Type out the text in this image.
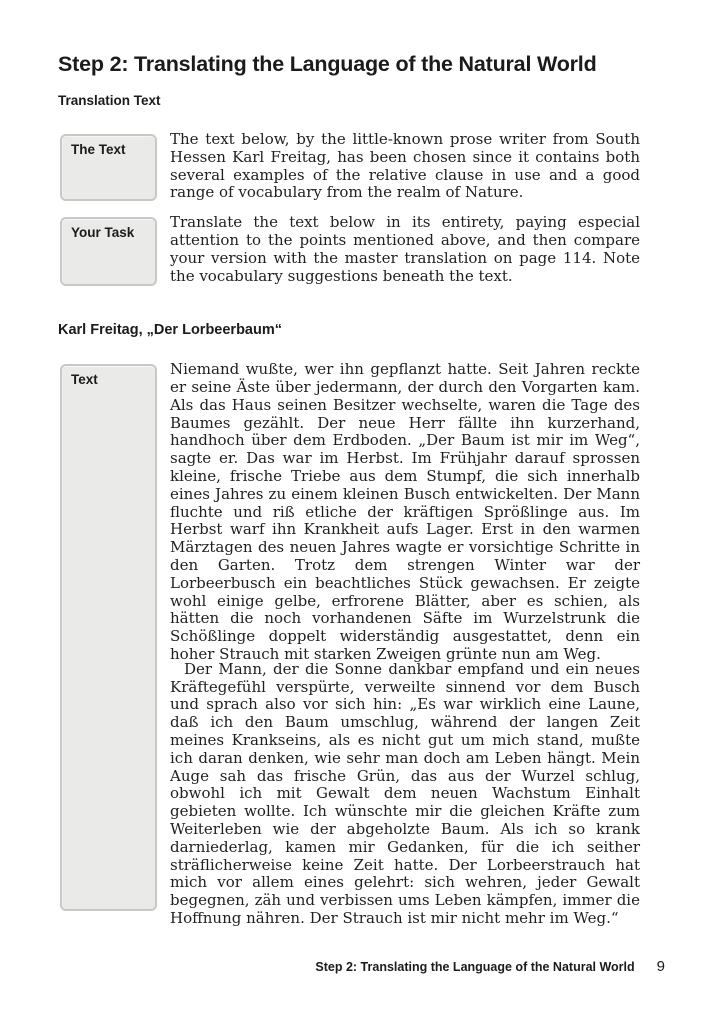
Step 2: Translating the Language of the Natural World
Translation Text
The Text

The text below, by the little-known prose writer from South Hessen Karl Freitag, has been chosen since it contains both several examples of the relative clause in use and a good range of vocabulary from the realm of Nature.

Your Task

Translate the text below in its entirety, paying especial attention to the points mentioned above, and then compare your version with the master translation on page 114. Note the vocabulary suggestions beneath the text.

Karl Freitag, „Der Lorbeerbaum“
Text

Niemand wußte, wer ihn gepflanzt hatte. Seit Jahren reckte er seine Äste über jedermann, der durch den Vorgarten kam. Als das Haus seinen Besitzer wechselte, waren die Tage des Baumes gezählt. Der neue Herr fällte ihn kurzerhand, handhoch über dem Erdboden. „Der Baum ist mir im Weg“, sagte er. Das war im Herbst. Im Frühjahr darauf sprossen kleine, frische Triebe aus dem Stumpf, die sich innerhalb eines Jahres zu einem kleinen Busch entwickelten. Der Mann fluchte und riß etliche der kräftigen Sprößlinge aus. Im Herbst warf ihn Krankheit aufs Lager. Erst in den warmen Märztagen des neuen Jahres wagte er vorsichtige Schritte in den Garten. Trotz dem strengen Winter war der Lorbeerbusch ein beachtliches Stück gewachsen. Er zeigte wohl einige gelbe, erfrorene Blätter, aber es schien, als hätten die noch vorhandenen Säfte im Wurzelstrunk die Schößlinge doppelt widerständig ausgestattet, denn ein hoher Strauch mit starken Zweigen grünte nun am Weg.

Der Mann, der die Sonne dankbar empfand und ein neues Kräftegefühl verspürte, verweilte sinnend vor dem Busch und sprach also vor sich hin: „Es war wirklich eine Laune, daß ich den Baum umschlug, während der langen Zeit meines Krankseins, als es nicht gut um mich stand, mußte ich daran denken, wie sehr man doch am Leben hängt. Mein Auge sah das frische Grün, das aus der Wurzel schlug, obwohl ich mit Gewalt dem neuen Wachstum Einhalt gebieten wollte. Ich wünschte mir die gleichen Kräfte zum Weiterleben wie der abgeholzte Baum. Als ich so krank darniederlag, kamen mir Gedanken, für die ich seither sträflicherweise keine Zeit hatte. Der Lorbeerstrauch hat mich vor allem eines gelehrt: sich wehren, jeder Gewalt begegnen, zäh und verbissen ums Leben kämpfen, immer die Hoffnung nähren. Der Strauch ist mir nicht mehr im Weg.“

Step 2: Translating the Language of the Natural World 9
